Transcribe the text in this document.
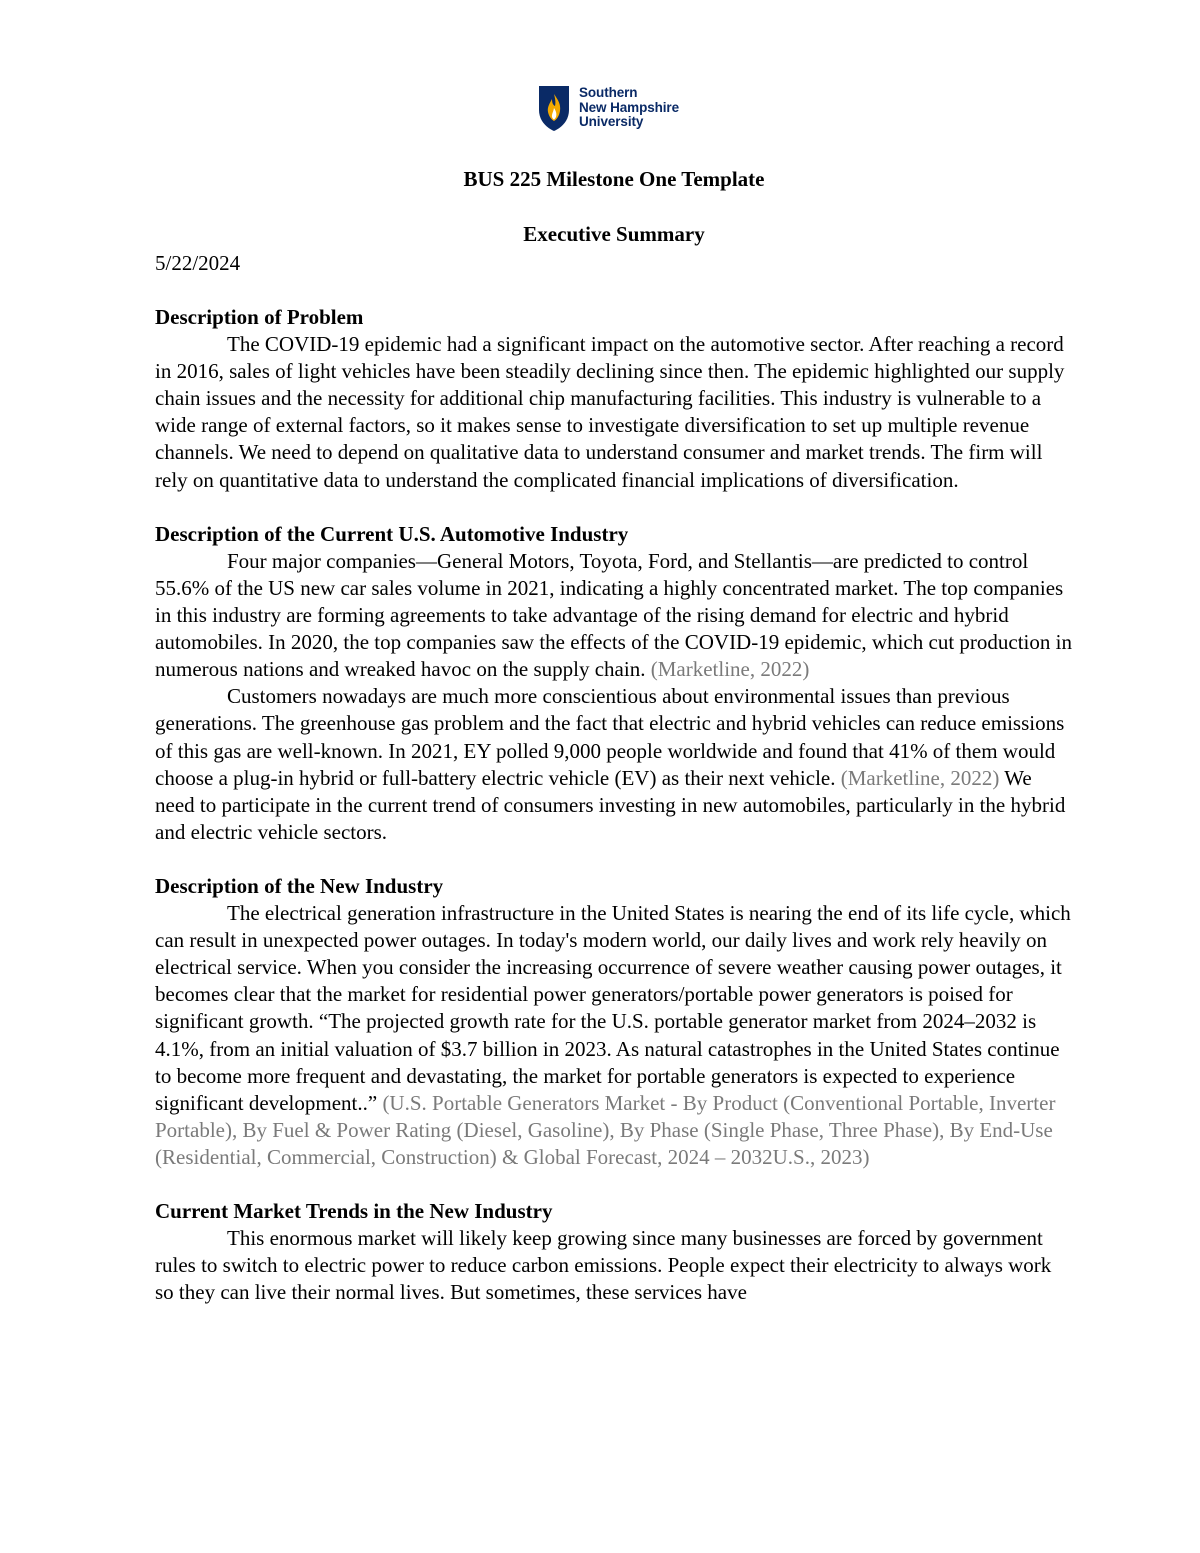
Southern
New Hampshire
University
BUS 225 Milestone One Template
Executive Summary
5/22/2024
Description of Problem

The COVID-19 epidemic had a significant impact on the automotive sector. After reaching a record in 2016, sales of light vehicles have been steadily declining since then. The epidemic highlighted our supply chain issues and the necessity for additional chip manufacturing facilities. This industry is vulnerable to a wide range of external factors, so it makes sense to investigate diversification to set up multiple revenue channels. We need to depend on qualitative data to understand consumer and market trends. The firm will rely on quantitative data to understand the complicated financial implications of diversification.

Description of the Current U.S. Automotive Industry

Four major companies—General Motors, Toyota, Ford, and Stellantis—are predicted to control 55.6% of the US new car sales volume in 2021, indicating a highly concentrated market. The top companies in this industry are forming agreements to take advantage of the rising demand for electric and hybrid automobiles. In 2020, the top companies saw the effects of the COVID-19 epidemic, which cut production in numerous nations and wreaked havoc on the supply chain. (Marketline, 2022)

Customers nowadays are much more conscientious about environmental issues than previous generations. The greenhouse gas problem and the fact that electric and hybrid vehicles can reduce emissions of this gas are well-known. In 2021, EY polled 9,000 people worldwide and found that 41% of them would choose a plug-in hybrid or full-battery electric vehicle (EV) as their next vehicle. (Marketline, 2022) We need to participate in the current trend of consumers investing in new automobiles, particularly in the hybrid and electric vehicle sectors.

Description of the New Industry

The electrical generation infrastructure in the United States is nearing the end of its life cycle, which can result in unexpected power outages. In today's modern world, our daily lives and work rely heavily on electrical service. When you consider the increasing occurrence of severe weather causing power outages, it becomes clear that the market for residential power generators/portable power generators is poised for significant growth. “The projected growth rate for the U.S. portable generator market from 2024–2032 is 4.1%, from an initial valuation of $3.7 billion in 2023. As natural catastrophes in the United States continue to become more frequent and devastating, the market for portable generators is expected to experience significant development..” (U.S. Portable Generators Market - By Product (Conventional Portable, Inverter Portable), By Fuel & Power Rating (Diesel, Gasoline), By Phase (Single Phase, Three Phase), By End-Use (Residential, Commercial, Construction) & Global Forecast, 2024 – 2032U.S., 2023)

Current Market Trends in the New Industry

This enormous market will likely keep growing since many businesses are forced by government rules to switch to electric power to reduce carbon emissions. People expect their electricity to always work so they can live their normal lives. But sometimes, these services have
